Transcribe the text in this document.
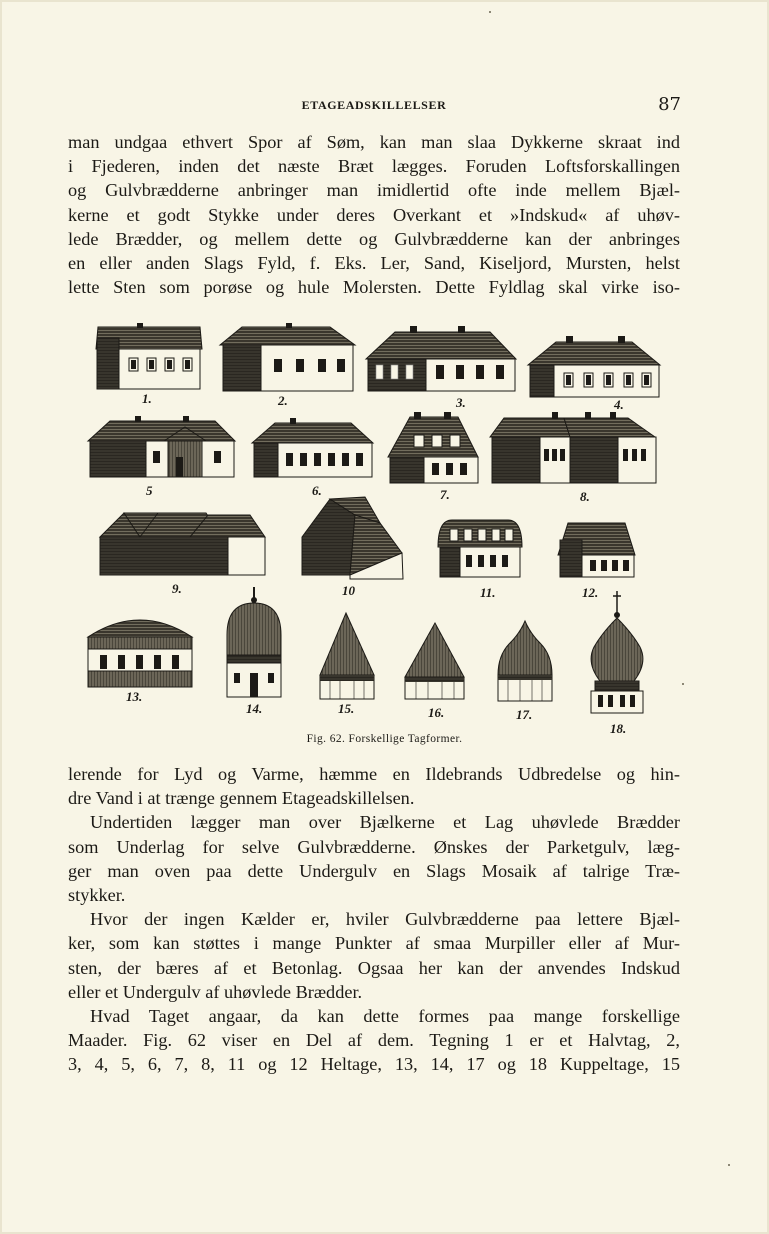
ETAGEADSKILLELSER	87
man undgaa ethvert Spor af Søm, kan man slaa Dykkerne skraat ind
i Fjederen, inden det næste Bræt lægges. Foruden Loftsforskallingen
og Gulvbrædderne anbringer man imidlertid ofte inde mellem Bjæl-
kerne et godt Stykke under deres Overkant et »Indskud« af uhøv-
lede Brædder, og mellem dette og Gulvbrædderne kan der anbringes
en eller anden Slags Fyld, f. Eks. Ler, Sand, Kiseljord, Mursten, helst
lette Sten som porøse og hule Molersten. Dette Fyldlag skal virke iso-
1.	2.	3.	4.
5	6.	7.	8.
9.	10	11.	12.
13.
14.	15.	16.	17.
18.
Fig. 62. Forskellige Tagformer.
lerende for Lyd og Varme, hæmme en Ildebrands Udbredelse og hin-
dre Vand i at trænge gennem Etageadskillelsen.
Undertiden lægger man over Bjælkerne et Lag uhøvlede Brædder
som Underlag for selve Gulvbrædderne. Ønskes der Parketgulv, læg-
ger man oven paa dette Undergulv en Slags Mosaik af talrige Træ-
stykker.
Hvor der ingen Kælder er, hviler Gulvbrædderne paa lettere Bjæl-
ker, som kan støttes i mange Punkter af smaa Murpiller eller af Mur-
sten, der bæres af et Betonlag. Ogsaa her kan der anvendes Indskud
eller et Undergulv af uhøvlede Brædder.
Hvad Taget angaar, da kan dette formes paa mange forskellige
Maader. Fig. 62 viser en Del af dem. Tegning 1 er et Halvtag, 2,
3, 4, 5, 6, 7, 8, 11 og 12 Heltage, 13, 14, 17 og 18 Kuppeltage, 15
